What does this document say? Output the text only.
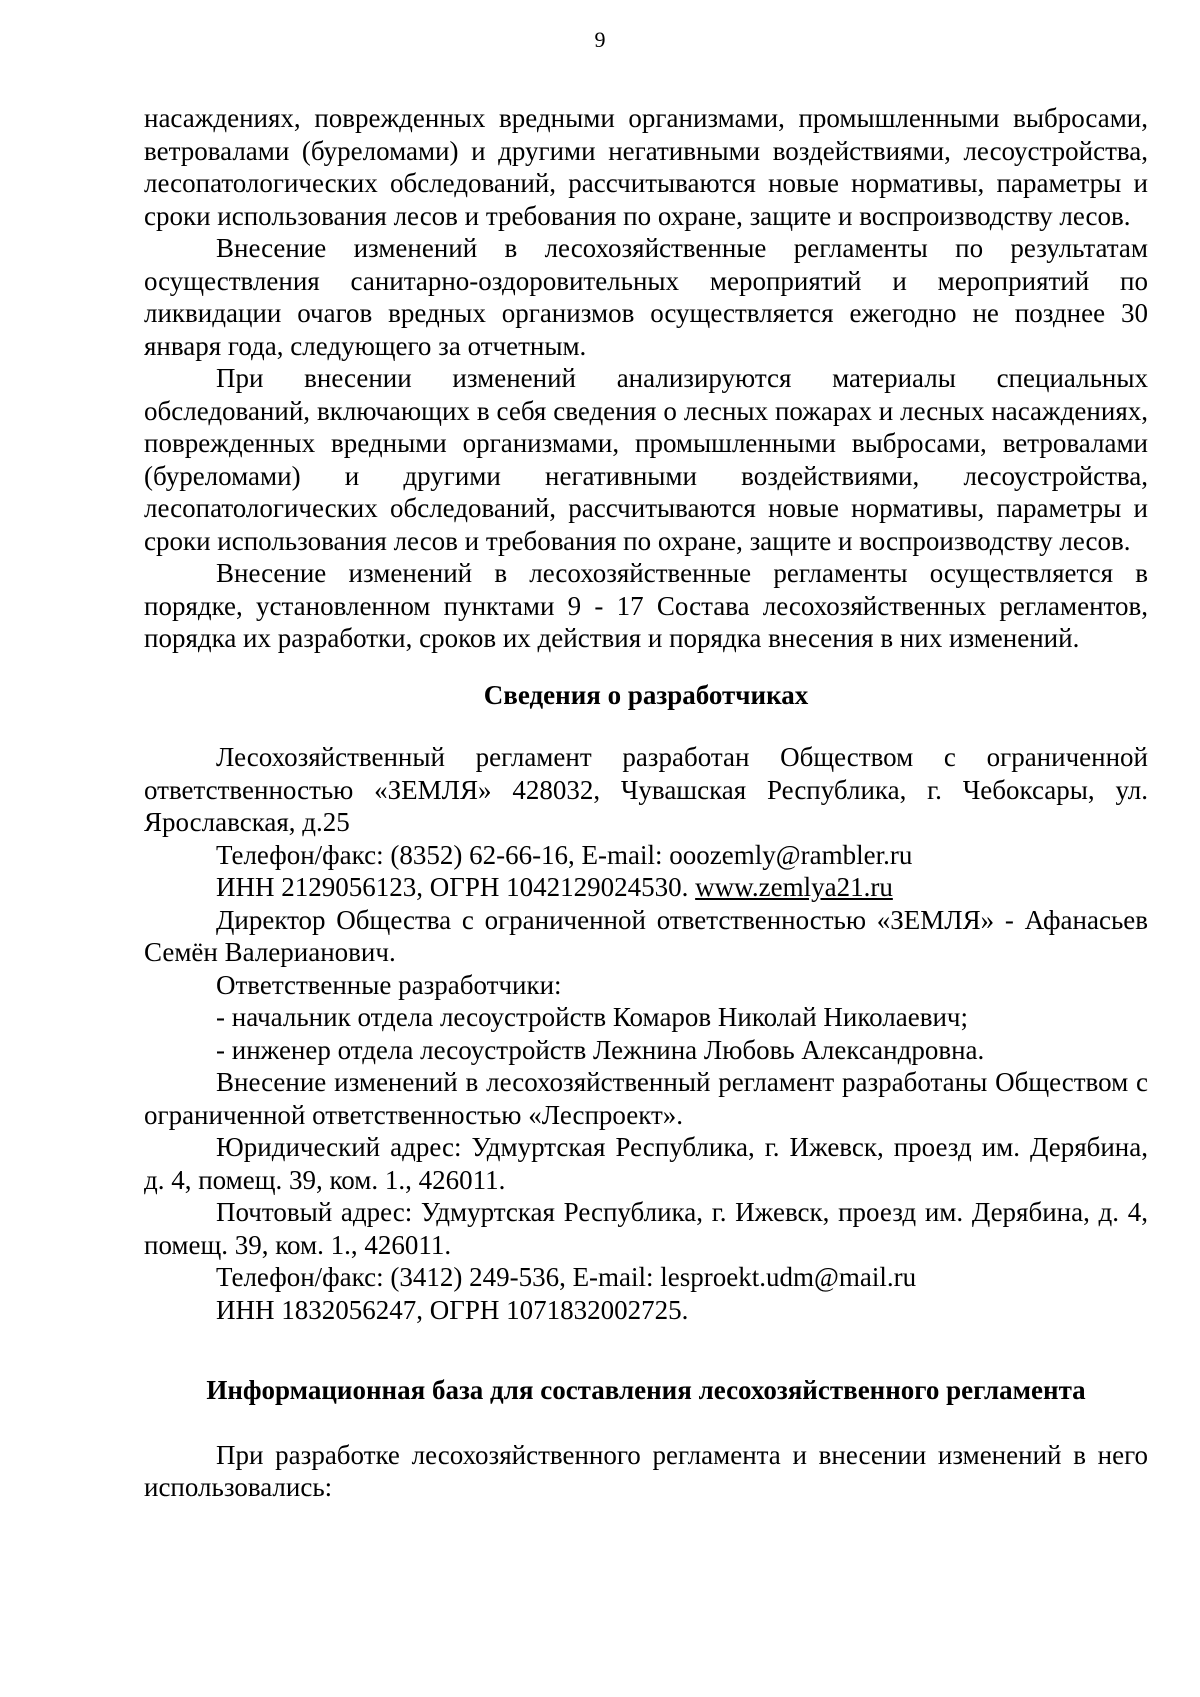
9

насаждениях, поврежденных вредными организмами, промышленными выбросами, ветровалами (буреломами) и другими негативными воздействиями, лесоустройства, лесопатологических обследований, рассчитываются новые нормативы, параметры и сроки использования лесов и требования по охране, защите и воспроизводству лесов.

Внесение изменений в лесохозяйственные регламенты по результатам осуществления санитарно-оздоровительных мероприятий и мероприятий по ликвидации очагов вредных организмов осуществляется ежегодно не позднее 30 января года, следующего за отчетным.

При внесении изменений анализируются материалы специальных обследований, включающих в себя сведения о лесных пожарах и лесных насаждениях, поврежденных вредными организмами, промышленными выбросами, ветровалами (буреломами) и другими негативными воздействиями, лесоустройства, лесопатологических обследований, рассчитываются новые нормативы, параметры и сроки использования лесов и требования по охране, защите и воспроизводству лесов.

Внесение изменений в лесохозяйственные регламенты осуществляется в порядке, установленном пунктами 9 - 17 Состава лесохозяйственных регламентов, порядка их разработки, сроков их действия и порядка внесения в них изменений.

Сведения о разработчиках

Лесохозяйственный регламент разработан Обществом с ограниченной ответственностью «ЗЕМЛЯ» 428032, Чувашская Республика, г. Чебоксары, ул. Ярославская, д.25

Телефон/факс: (8352) 62-66-16, E-mail: ooozemly@rambler.ru

ИНН 2129056123, ОГРН 1042129024530. www.zemlya21.ru

Директор Общества с ограниченной ответственностью «ЗЕМЛЯ» - Афанасьев Семён Валерианович.

Ответственные разработчики:

- начальник отдела лесоустройств Комаров Николай Николаевич;

- инженер отдела лесоустройств Лежнина Любовь Александровна.

Внесение изменений в лесохозяйственный регламент разработаны Обществом с ограниченной ответственностью «Леспроект».

Юридический адрес: Удмуртская Республика, г. Ижевск, проезд им. Дерябина, д. 4, помещ. 39, ком. 1., 426011.

Почтовый адрес: Удмуртская Республика, г. Ижевск, проезд им. Дерябина, д. 4, помещ. 39, ком. 1., 426011.

Телефон/факс: (3412) 249-536, E-mail: lesproekt.udm@mail.ru

ИНН 1832056247, ОГРН 1071832002725.

Информационная база для составления лесохозяйственного регламента

При разработке лесохозяйственного регламента и внесении изменений в него использовались:
